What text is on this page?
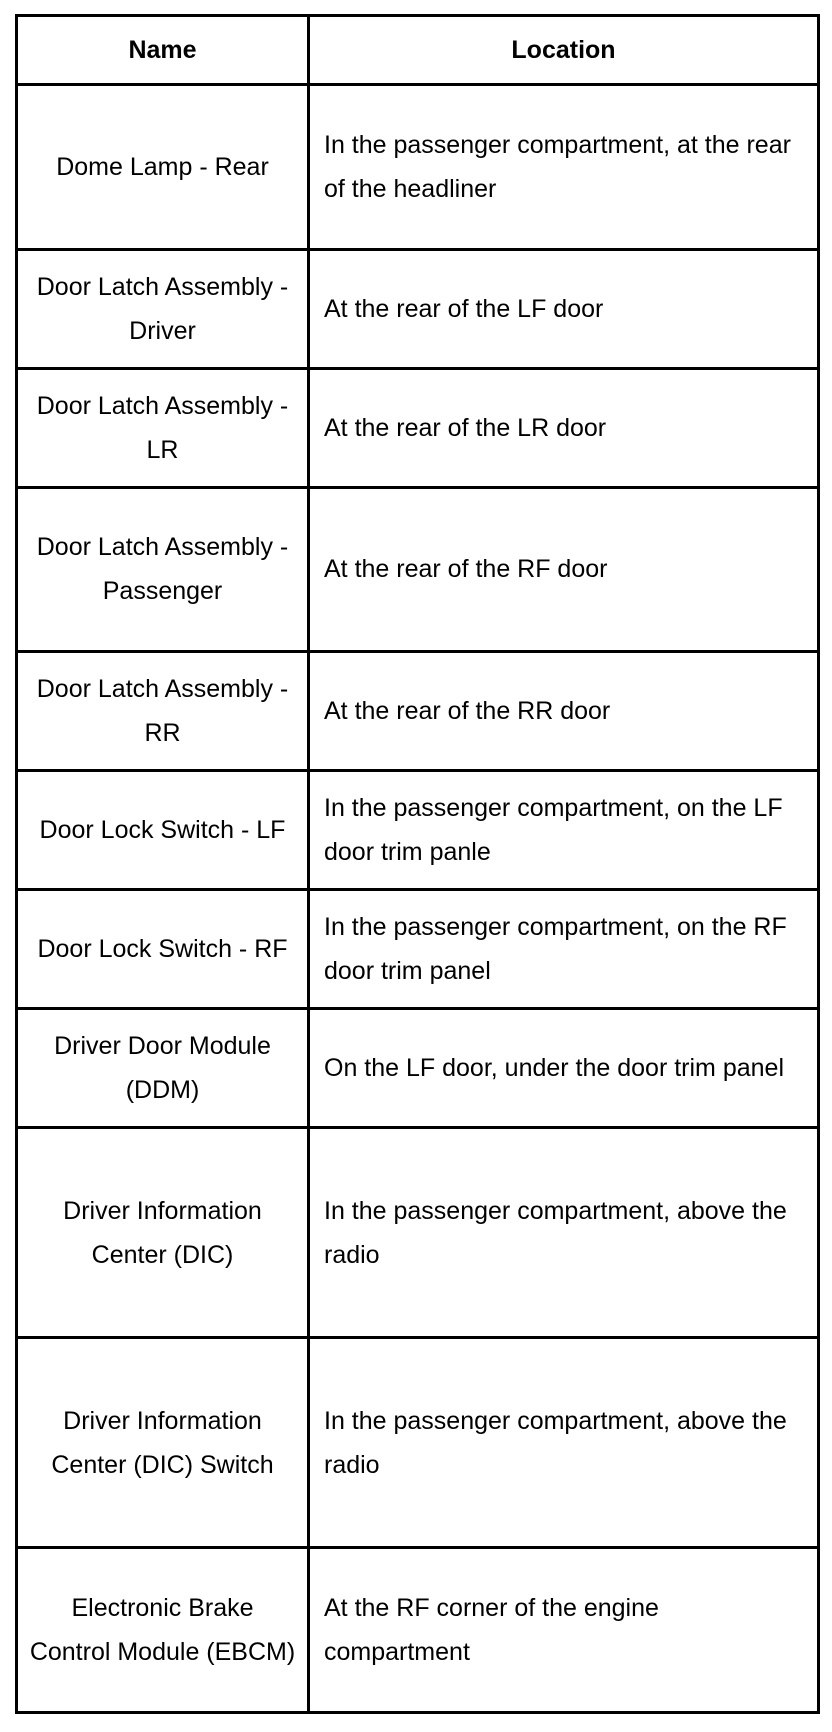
Name	Location
Dome Lamp - Rear	In the passenger compartment, at the rear of the headliner
Door Latch Assembly - Driver	At the rear of the LF door
Door Latch Assembly - LR	At the rear of the LR door
Door Latch Assembly - Passenger	At the rear of the RF door
Door Latch Assembly - RR	At the rear of the RR door
Door Lock Switch - LF	In the passenger compartment, on the LF door trim panle
Door Lock Switch - RF	In the passenger compartment, on the RF door trim panel
Driver Door Module (DDM)	On the LF door, under the door trim panel
Driver Information Center (DIC)	In the passenger compartment, above the radio
Driver Information Center (DIC) Switch	In the passenger compartment, above the radio
Electronic Brake Control Module (EBCM)	At the RF corner of the engine compartment
